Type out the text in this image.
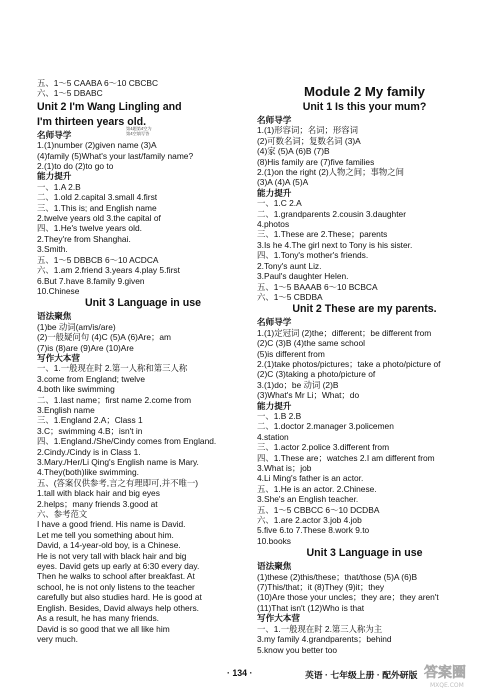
五、1～5 CAABA 6～10 CBCBC
六、1～5 DBABC
Unit 2 I'm Wang Lingling and
I'm thirteen years old.
名师导学
1.(1)number (2)given name (3)A
(4)family (5)What's your last/family name?
2.(1)to do (2)to go to
能力提升
一、1.A 2.B
二、1.old 2.capital 3.small 4.first
三、1.This is; and English name
2.twelve years old 3.the capital of
四、1.He's twelve years old.
2.They're from Shanghai.
3.Smith.
五、1～5 DBBCB 6～10 ACDCA
六、1.am 2.friend 3.years 4.play 5.first
6.But 7.have 8.family 9.given
10.Chinese
Unit 3 Language in use
语法聚焦
(1)be 动词(am/is/are)
(2)一般疑问句 (4)C (5)A (6)Are；am
(7)is (8)are (9)Are (10)Are
写作大本营
一、1.一般现在时 2.第一人称和第三人称
3.come from England; twelve
4.both like swimming
二、1.last name；first name 2.come from
3.English name
三、1.England 2.A；Class 1
3.C；swimming 4.B；isn't in
四、1.England./She/Cindy comes from England.
2.Cindy./Cindy is in Class 1.
3.Mary./Her/Li Qing's English name is Mary.
4.They(both)like swimming.
五、(答案仅供参考,言之有理即可,并不唯一)
1.tall with black hair and big eyes
2.helps；many friends 3.good at
六、参考范文
I have a good friend. His name is David.
Let me tell you something about him.
David, a 14-year-old boy, is a Chinese.
He is not very tall with black hair and big
eyes. David gets up early at 6:30 every day.
Then he walks to school after breakfast. At
school, he is not only listens to the teacher
carefully but also studies hard. He is good at
English. Besides, David always help others.
As a result, he has many friends.
David is so good that we all like him
very much.
Module 2 My family
Unit 1 Is this your mum?
名师导学
1.(1)形容词；名词；形容词
(2)可数名词；复数名词 (3)A
(4)家 (5)A (6)B (7)B
(8)His family are (7)five families
2.(1)on the right (2)人物之间；事物之间
(3)A (4)A (5)A
能力提升
一、1.C 2.A
二、1.grandparents 2.cousin 3.daughter
4.photos
三、1.These are 2.These；parents
3.Is he 4.The girl next to Tony is his sister.
四、1.Tony's mother's friends.
2.Tony's aunt Liz.
3.Paul's daughter Helen.
五、1～5 BAAAB 6～10 BCBCA
六、1～5 CBDBA
Unit 2 These are my parents.
名师导学
1.(1)定冠词 (2)the；different；be different from
(2)C (3)B (4)the same school
(5)is different from
2.(1)take photos/pictures；take a photo/picture of
(2)C (3)taking a photo/picture of
3.(1)do；be 动词 (2)B
(3)What's Mr Li；What；do
能力提升
一、1.B 2.B
二、1.doctor 2.manager 3.policemen
4.station
三、1.actor 2.police 3.different from
四、1.These are；watches 2.I am different from
3.What is；job
4.Li Ming's father is an actor.
五、1.He is an actor. 2.Chinese.
3.She's an English teacher.
五、1～5 CBBCC 6～10 DCDBA
六、1.are 2.actor 3.job 4.job
5.five 6.to 7.These 8.work 9.to
10.books
Unit 3 Language in use
语法聚焦
(1)these (2)this/these；that/those (5)A (6)B
(7)This/that；it (8)They (9)it；they
(10)Are those your uncles；they are；they aren't
(11)That isn't (12)Who is that
写作大本营
一、1.一般现在时 2.第三人称为主
3.my family 4.grandparents；behind
5.know you better too
第4题第4空为
第4空填写答
· 134 ·	英语 · 七年级上册 · 配外研版 答案圈
MXQE.COM
